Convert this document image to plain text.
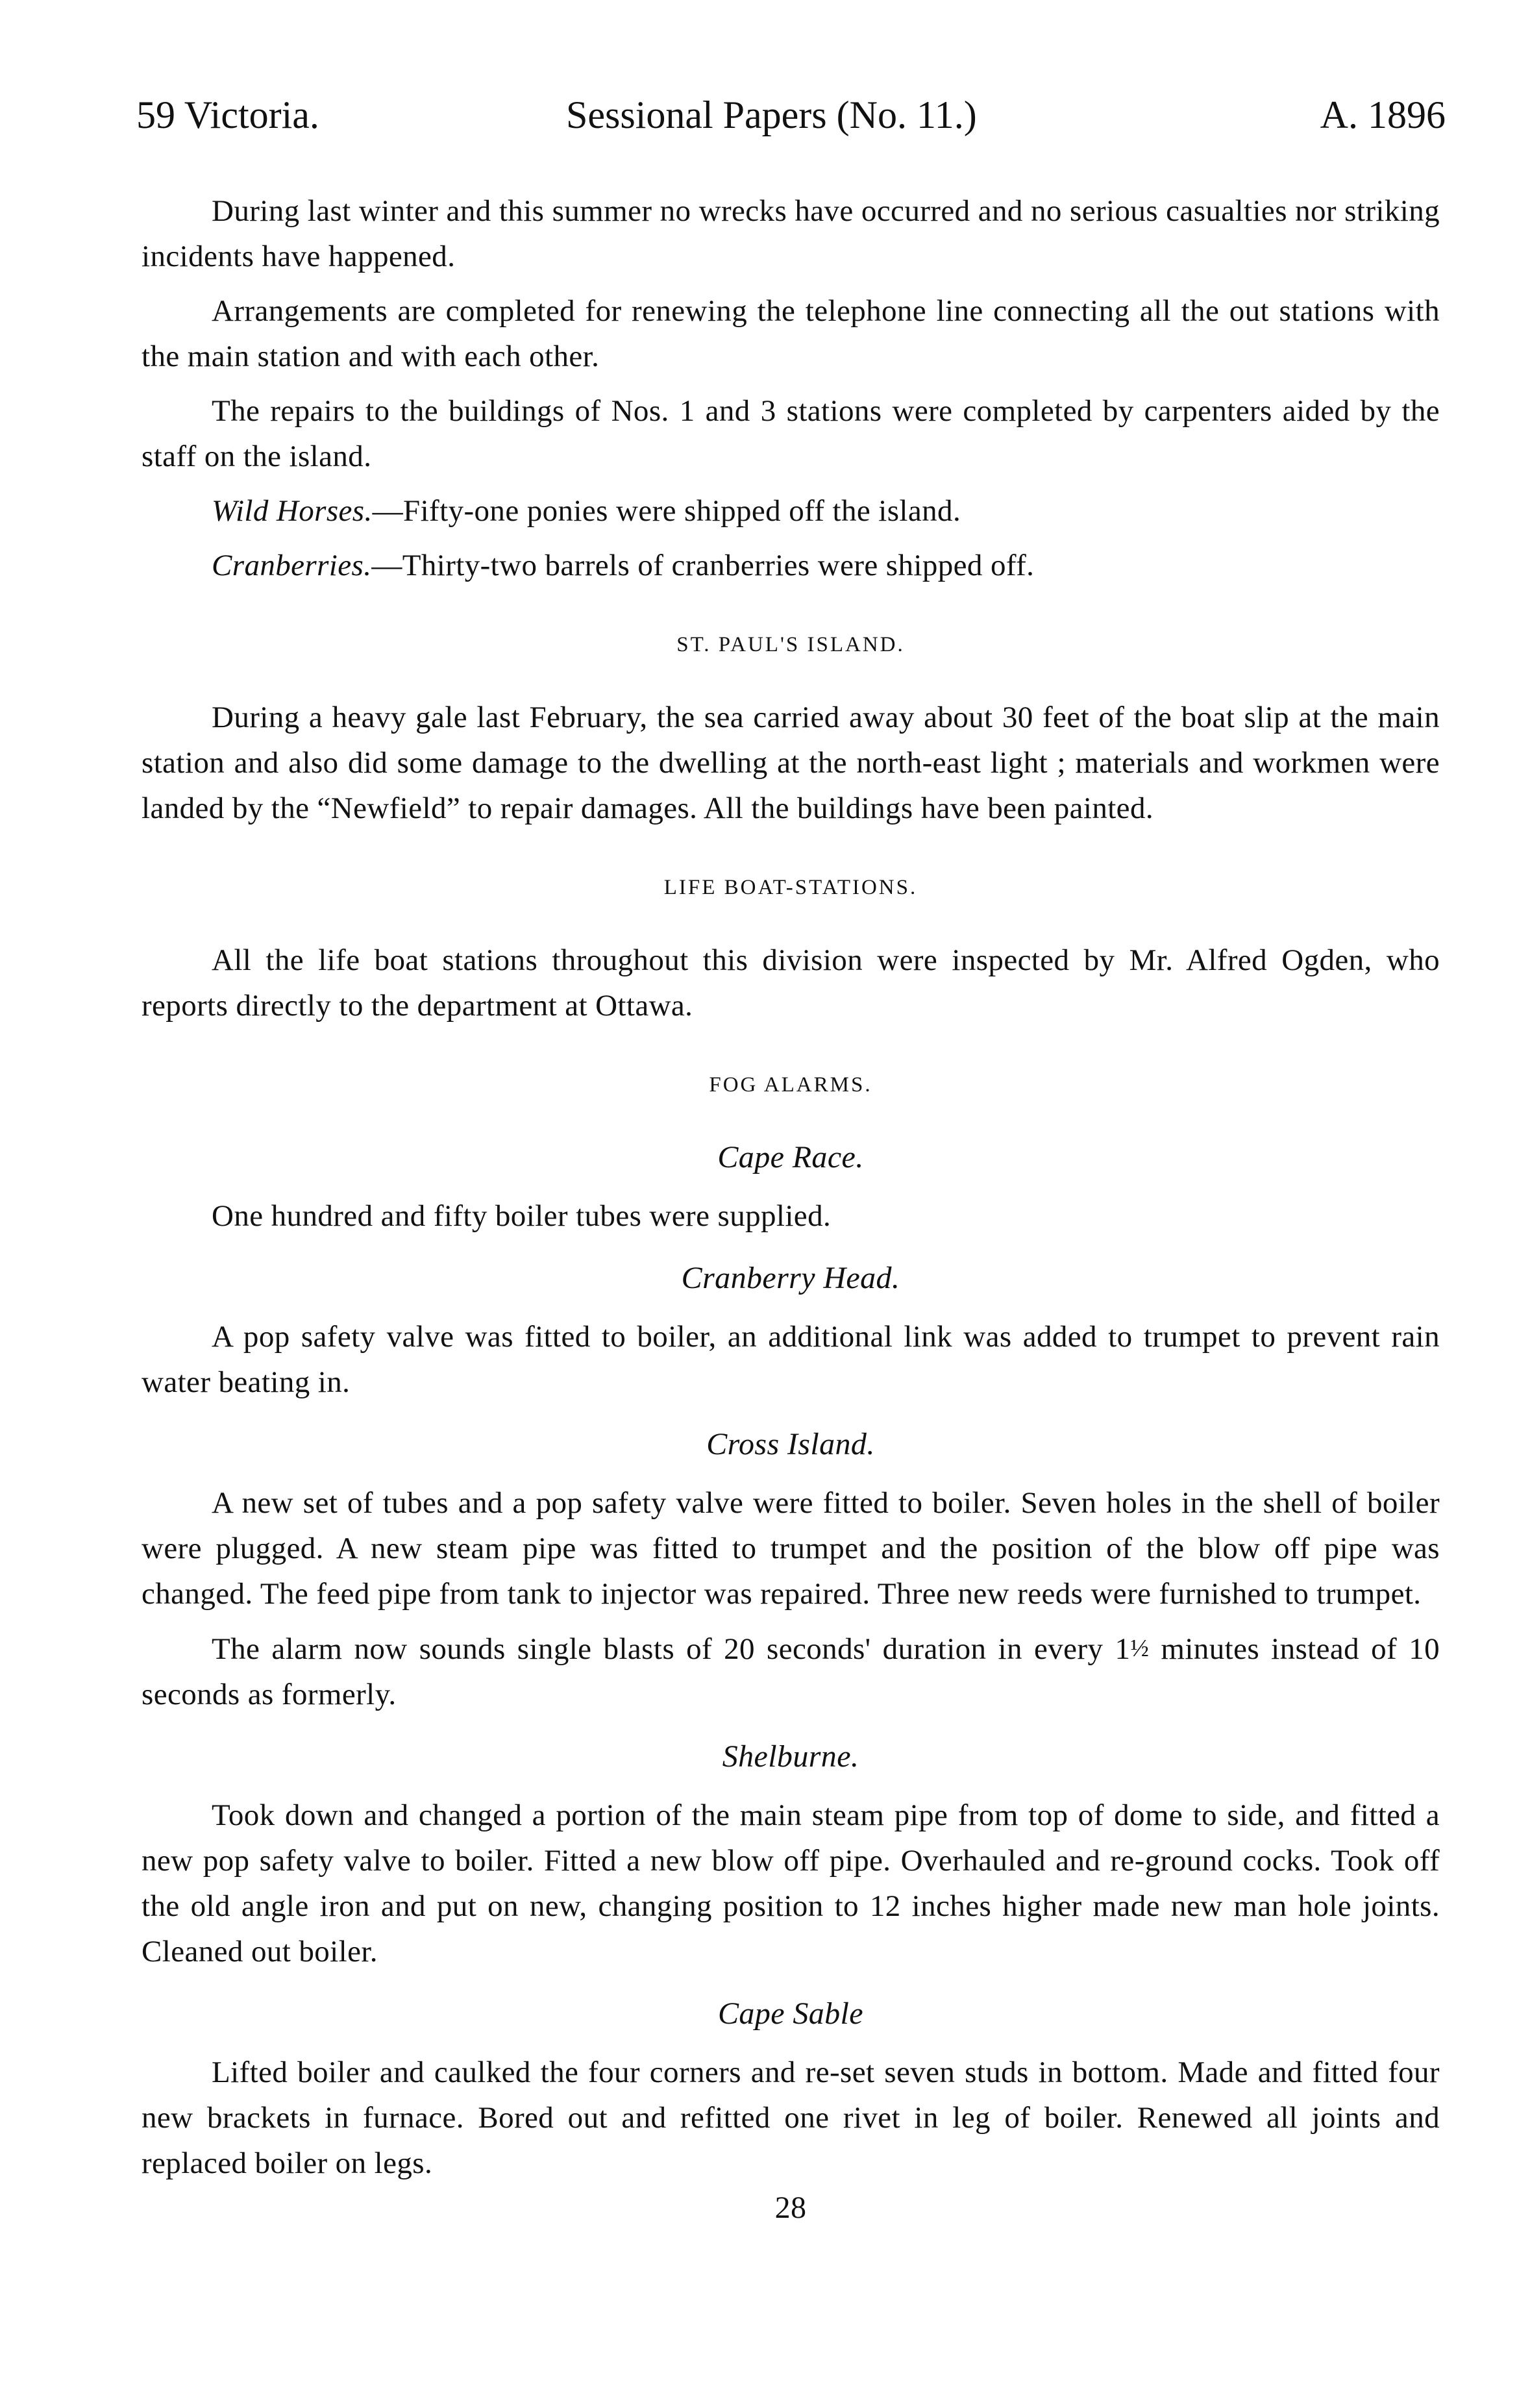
59 Victoria.	Sessional Papers (No. 11.)	A. 1896

During last winter and this summer no wrecks have occurred and no serious casualties nor striking incidents have happened.

Arrangements are completed for renewing the telephone line connecting all the out stations with the main station and with each other.

The repairs to the buildings of Nos. 1 and 3 stations were completed by carpenters aided by the staff on the island.

Wild Horses.—Fifty-one ponies were shipped off the island.

Cranberries.—Thirty-two barrels of cranberries were shipped off.

ST. PAUL'S ISLAND.

During a heavy gale last February, the sea carried away about 30 feet of the boat slip at the main station and also did some damage to the dwelling at the north-east light ; materials and workmen were landed by the “Newfield” to repair damages. All the buildings have been painted.

LIFE BOAT-STATIONS.

All the life boat stations throughout this division were inspected by Mr. Alfred Ogden, who reports directly to the department at Ottawa.

FOG ALARMS.
Cape Race.

One hundred and fifty boiler tubes were supplied.

Cranberry Head.

A pop safety valve was fitted to boiler, an additional link was added to trumpet to prevent rain water beating in.

Cross Island.

A new set of tubes and a pop safety valve were fitted to boiler. Seven holes in the shell of boiler were plugged. A new steam pipe was fitted to trumpet and the position of the blow off pipe was changed. The feed pipe from tank to injector was repaired. Three new reeds were furnished to trumpet.

The alarm now sounds single blasts of 20 seconds' duration in every 1½ minutes instead of 10 seconds as formerly.

Shelburne.

Took down and changed a portion of the main steam pipe from top of dome to side, and fitted a new pop safety valve to boiler. Fitted a new blow off pipe. Overhauled and re-ground cocks. Took off the old angle iron and put on new, changing position to 12 inches higher made new man hole joints. Cleaned out boiler.

Cape Sable

Lifted boiler and caulked the four corners and re-set seven studs in bottom. Made and fitted four new brackets in furnace. Bored out and refitted one rivet in leg of boiler. Renewed all joints and replaced boiler on legs.

28
